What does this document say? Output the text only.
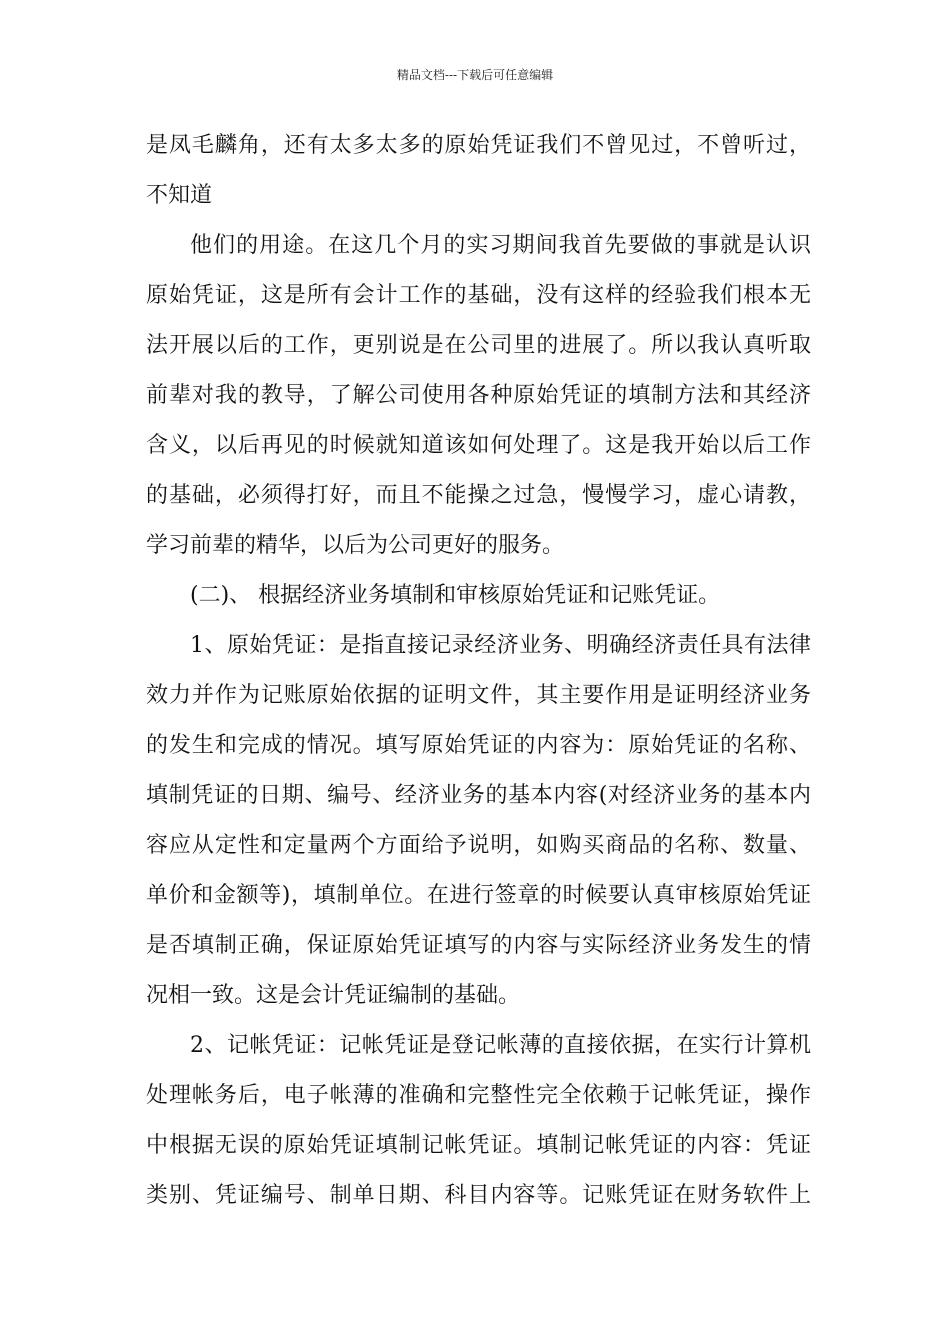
精品文档---下载后可任意编辑
是凤毛麟角，还有太多太多的原始凭证我们不曾见过，不曾听过，
不知道
他们的用途。在这几个月的实习期间我首先要做的事就是认识
原始凭证，这是所有会计工作的基础，没有这样的经验我们根本无
法开展以后的工作，更别说是在公司里的进展了。所以我认真听取
前辈对我的教导，了解公司使用各种原始凭证的填制方法和其经济
含义，以后再见的时候就知道该如何处理了。这是我开始以后工作
的基础，必须得打好，而且不能操之过急，慢慢学习，虚心请教，
学习前辈的精华，以后为公司更好的服务。
(二)、 根据经济业务填制和审核原始凭证和记账凭证。
1、原始凭证：是指直接记录经济业务、明确经济责任具有法律
效力并作为记账原始依据的证明文件，其主要作用是证明经济业务
的发生和完成的情况。填写原始凭证的内容为：原始凭证的名称、
填制凭证的日期、编号、经济业务的基本内容(对经济业务的基本内
容应从定性和定量两个方面给予说明，如购买商品的名称、数量、
单价和金额等)，填制单位。在进行签章的时候要认真审核原始凭证
是否填制正确，保证原始凭证填写的内容与实际经济业务发生的情
况相一致。这是会计凭证编制的基础。
2、记帐凭证：记帐凭证是登记帐薄的直接依据，在实行计算机
处理帐务后，电子帐薄的准确和完整性完全依赖于记帐凭证，操作
中根据无误的原始凭证填制记帐凭证。填制记帐凭证的内容：凭证
类别、凭证编号、制单日期、科目内容等。记账凭证在财务软件上
